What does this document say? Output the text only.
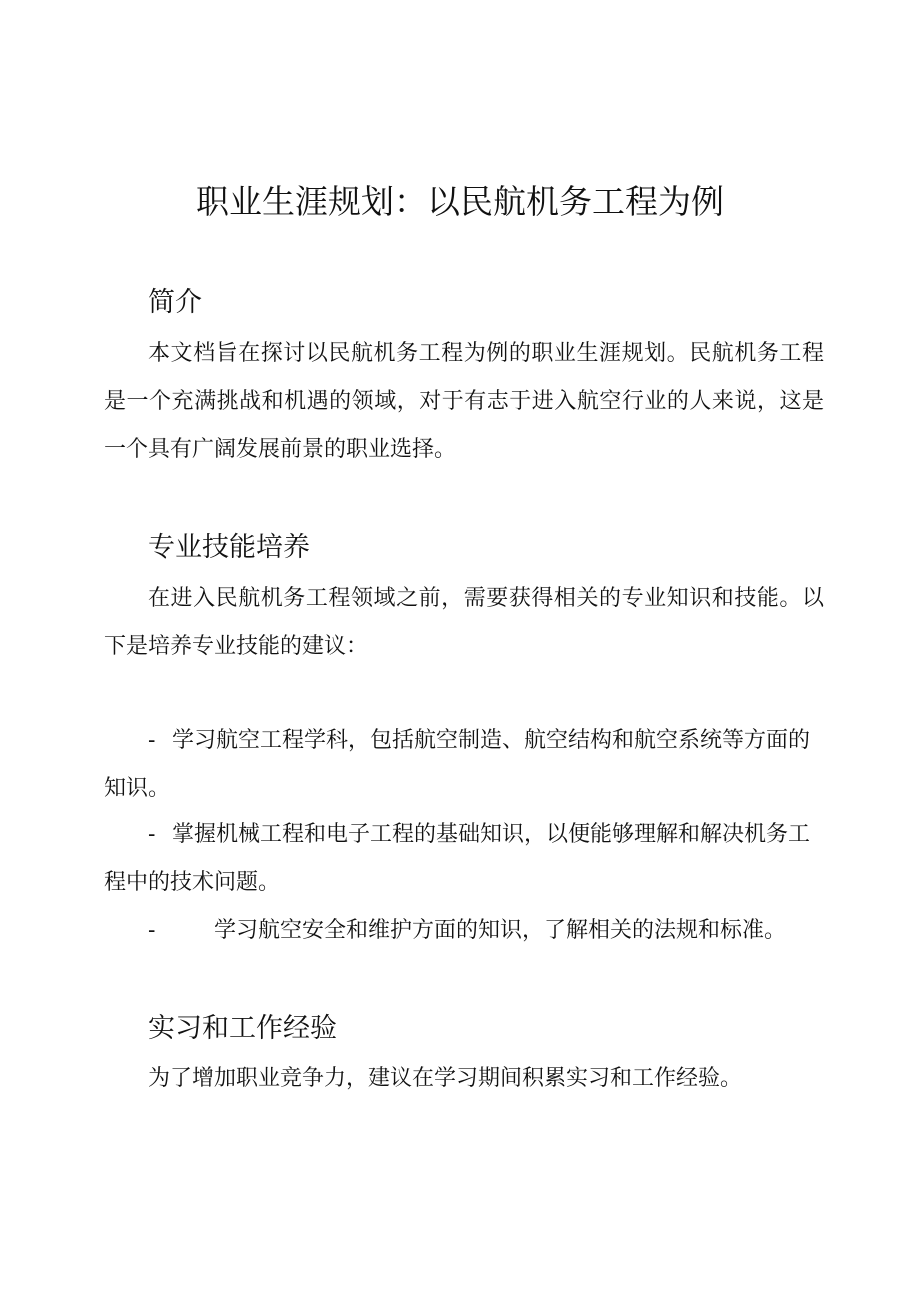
职业生涯规划：以民航机务工程为例
简介

本文档旨在探讨以民航机务工程为例的职业生涯规划。民航机务工程是一个充满挑战和机遇的领域，对于有志于进入航空行业的人来说，这是一个具有广阔发展前景的职业选择。

专业技能培养

在进入民航机务工程领域之前，需要获得相关的专业知识和技能。以下是培养专业技能的建议：

- 学习航空工程学科，包括航空制造、航空结构和航空系统等方面的知识。

- 掌握机械工程和电子工程的基础知识，以便能够理解和解决机务工程中的技术问题。

-	学习航空安全和维护方面的知识，了解相关的法规和标准。

实习和工作经验

为了增加职业竞争力，建议在学习期间积累实习和工作经验。
